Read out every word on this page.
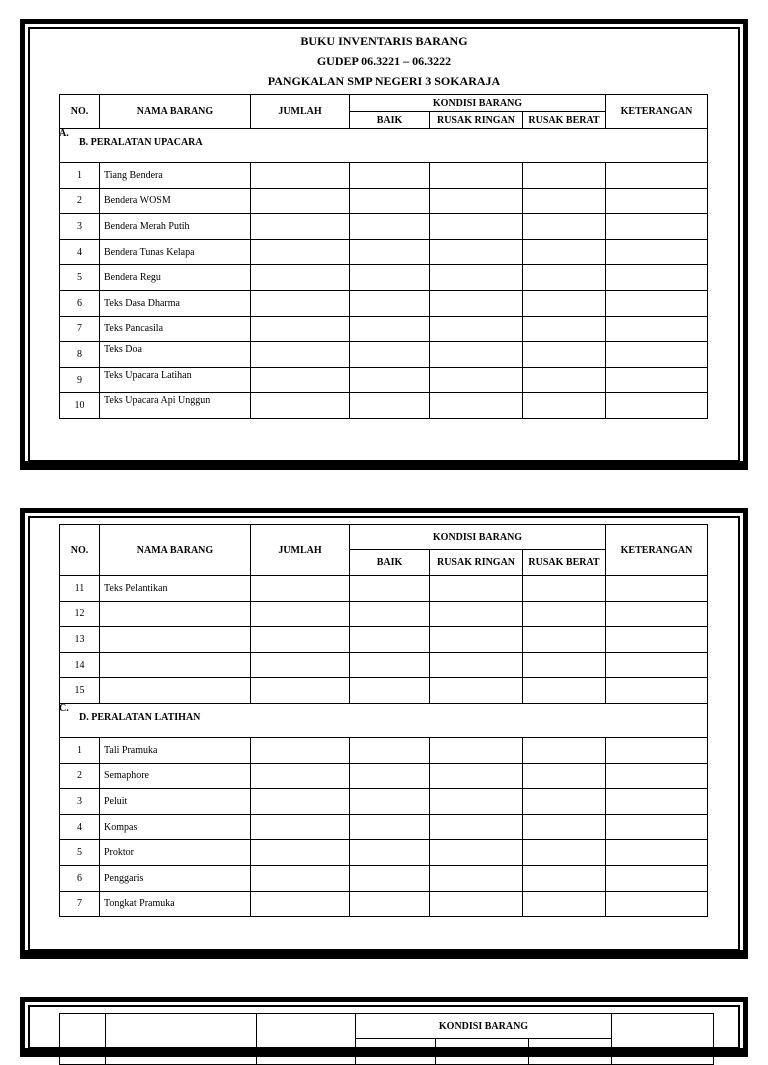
BUKU INVENTARIS BARANG
GUDEP 06.3221 – 06.3222
PANGKALAN SMP NEGERI 3 SOKARAJA
NO.	NAMA BARANG	JUMLAH	KONDISI BARANG			KETERANGAN
			BAIK	RUSAK RINGAN	RUSAK BERAT	

A.
B. PERALATAN UPACARA						

1	Tiang Bendera					
2	Bendera WOSM					
3	Bendera Merah Putih					
4	Bendera Tunas Kelapa					
5	Bendera Regu					
6	Teks Dasa Dharma					
7	Teks Pancasila					
8	Teks Doa					
9	Teks Upacara Latihan					
10	Teks Upacara Api Unggun					
NO.	NAMA BARANG	JUMLAH	KONDISI BARANG			KETERANGAN
			BAIK	RUSAK RINGAN	RUSAK BERAT	
11	Teks Pelantikan					
12						
13						
14						
15						

C.
D. PERALATAN LATIHAN						

1	Tali Pramuka					
2	Semaphore					
3	Peluit					
4	Kompas					
5	Proktor					
6	Penggaris					
7	Tongkat Pramuka					
			KONDISI BARANG			
